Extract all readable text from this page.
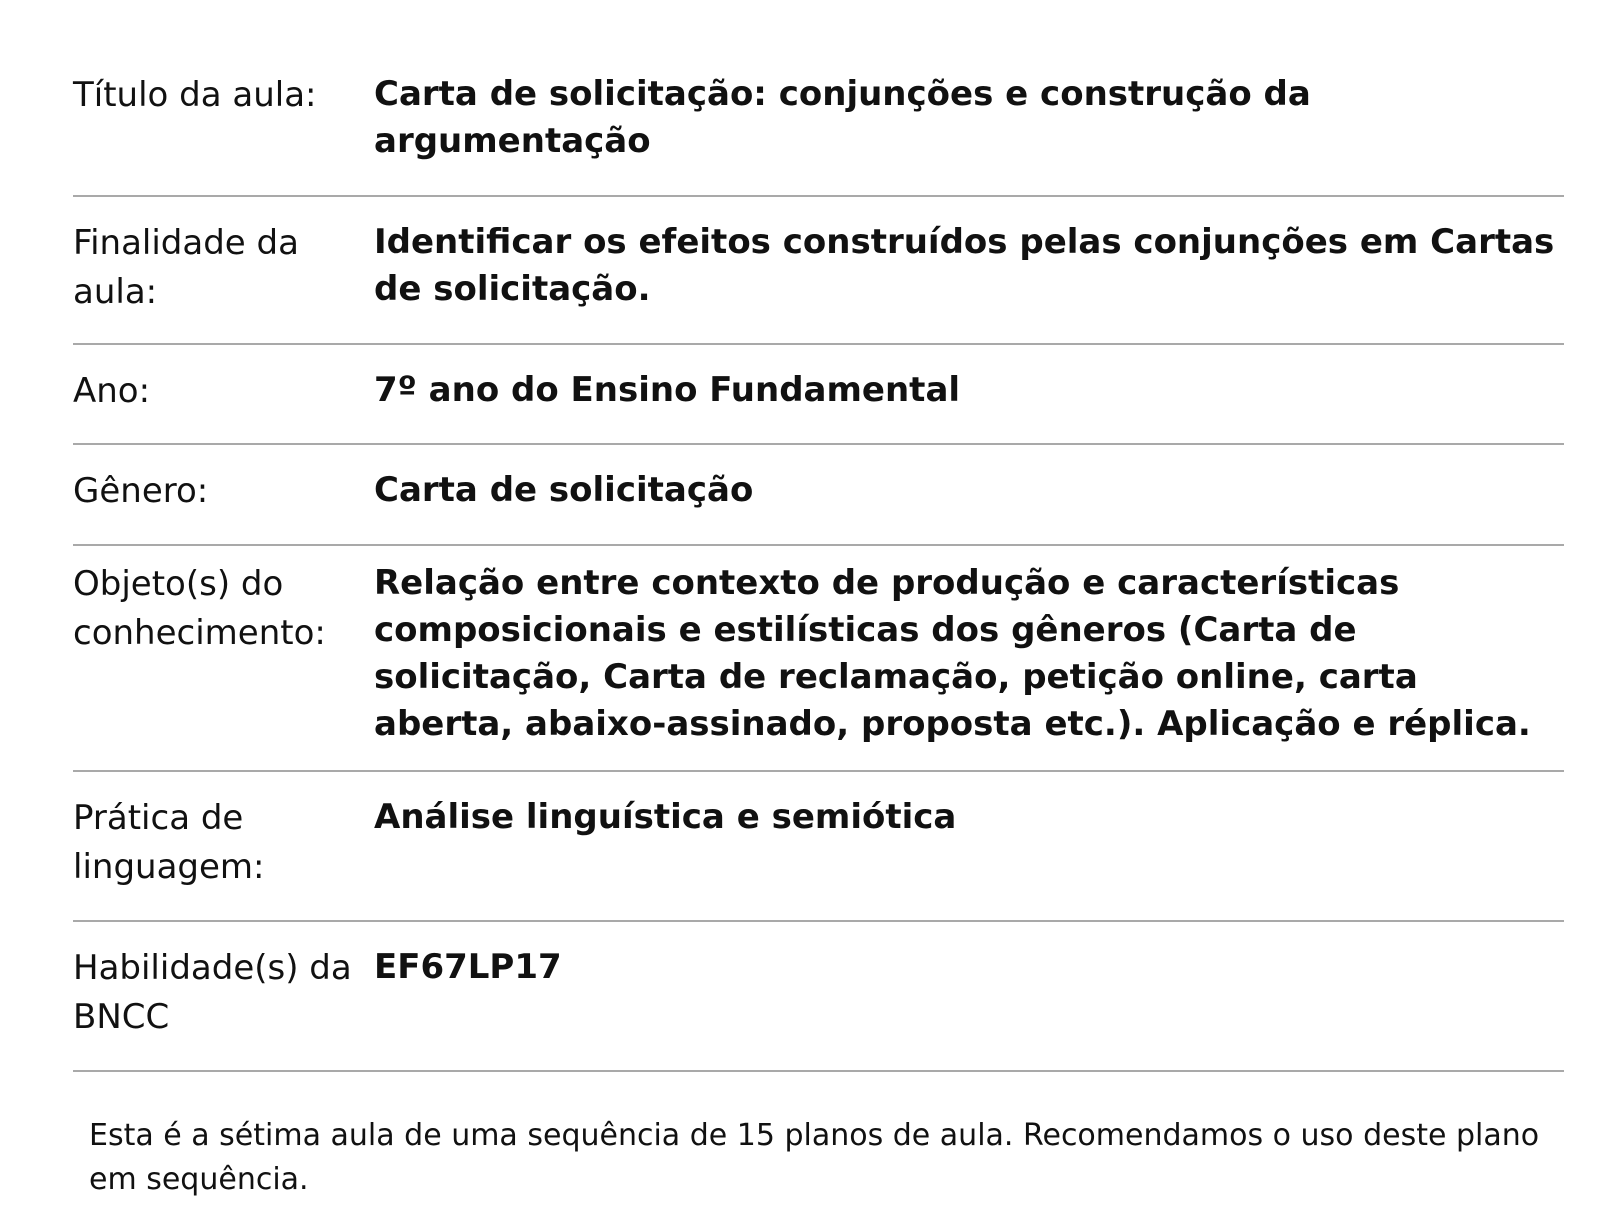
Título da aula:	Carta de solicitação: conjunções e construção da argumentação
Finalidade da aula:	Identificar os efeitos construídos pelas conjunções em Cartas de solicitação.
Ano:	7º ano do Ensino Fundamental
Gênero:	Carta de solicitação
Objeto(s) do conhecimento:	Relação entre contexto de produção e características composicionais e estilísticas dos gêneros (Carta de solicitação, Carta de reclamação, petição online, carta aberta, abaixo-assinado, proposta etc.). Aplicação e réplica.
Prática de linguagem:	Análise linguística e semiótica
Habilidade(s) da BNCC	EF67LP17

Esta é a sétima aula de uma sequência de 15 planos de aula. Recomendamos o uso deste plano em sequência.
